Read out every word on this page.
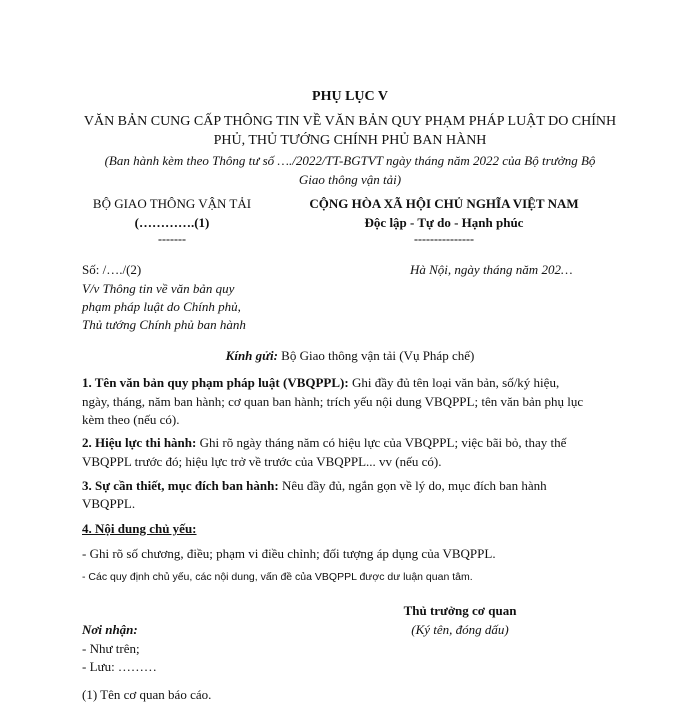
PHỤ LỤC V
VĂN BẢN CUNG CẤP THÔNG TIN VỀ VĂN BẢN QUY PHẠM PHÁP LUẬT DO CHÍNH
PHỦ, THỦ TƯỚNG CHÍNH PHỦ BAN HÀNH
(Ban hành kèm theo Thông tư số …./2022/TT-BGTVT ngày tháng năm 2022 của Bộ trưởng Bộ
Giao thông vận tải)
BỘ GIAO THÔNG VẬN TẢI
(………….(1)
-------
CỘNG HÒA XÃ HỘI CHỦ NGHĨA VIỆT NAM
Độc lập - Tự do - Hạnh phúc
---------------
Số: /…./(2)	Hà Nội, ngày tháng năm 202…
V/v Thông tin về văn bản quy
phạm pháp luật do Chính phủ,
Thủ tướng Chính phủ ban hành
Kính gửi: Bộ Giao thông vận tải (Vụ Pháp chế)
1. Tên văn bản quy phạm pháp luật (VBQPPL): Ghi đầy đủ tên loại văn bản, số/ký hiệu,
ngày, tháng, năm ban hành; cơ quan ban hành; trích yếu nội dung VBQPPL; tên văn bản phụ lục
kèm theo (nếu có).
2. Hiệu lực thi hành: Ghi rõ ngày tháng năm có hiệu lực của VBQPPL; việc bãi bỏ, thay thế
VBQPPL trước đó; hiệu lực trở về trước của VBQPPL... vv (nếu có).
3. Sự cần thiết, mục đích ban hành: Nêu đầy đủ, ngắn gọn về lý do, mục đích ban hành
VBQPPL.
4. Nội dung chủ yếu:
- Ghi rõ số chương, điều; phạm vi điều chỉnh; đối tượng áp dụng của VBQPPL.
- Các quy định chủ yếu, các nội dung, vấn đề của VBQPPL được dư luận quan tâm.
Thủ trưởng cơ quan
(Ký tên, đóng dấu)
Nơi nhận:
- Như trên;
- Lưu: ………
(1) Tên cơ quan báo cáo.
